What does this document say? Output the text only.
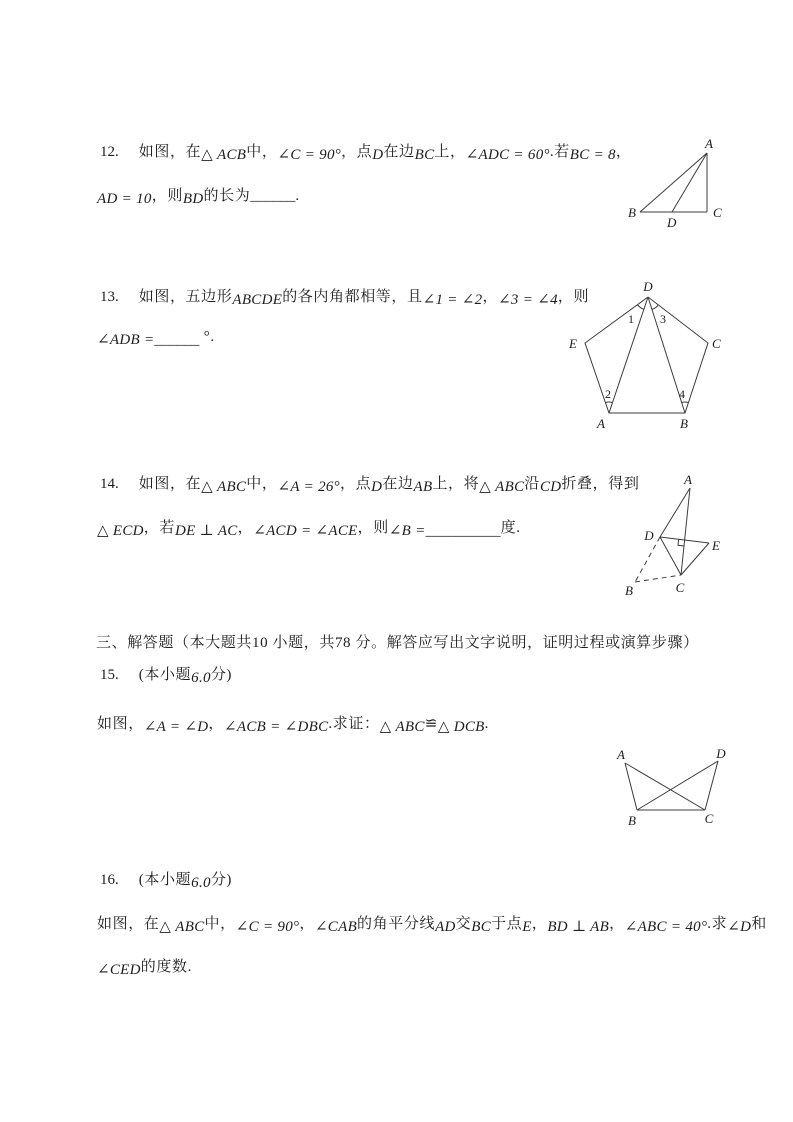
12. 如图，在△ ACB中，∠C = 90°，点D在边BC上，∠ADC = 60°.若BC = 8，
AD = 10，则BD的长为______.
A
B	C
D
13. 如图，五边形ABCDE的各内角都相等，且∠1 = ∠2，∠3 = ∠4，则
∠ADB =______ °.
D
E	C
A	B
1 3
2	4
14. 如图，在△ ABC中，∠A = 26°，点D在边AB上，将△ ABC沿CD折叠，得到
△ ECD，若DE ⊥ AC，∠ACD = ∠ACE，则∠B =__________度.
A
D
E
C
B
三、解答题（本大题共10 小题，共78 分。解答应写出文字说明，证明过程或演算步骤）
15. (本小题6.0分)
如图，∠A = ∠D，∠ACB = ∠DBC.求证：△ ABC≌△ DCB.
A	D
B	C
16. (本小题6.0分)
如图，在△ ABC中，∠C = 90°，∠CAB的角平分线AD交BC于点E，BD ⊥ AB，∠ABC = 40°.求∠D和
∠CED的度数.
